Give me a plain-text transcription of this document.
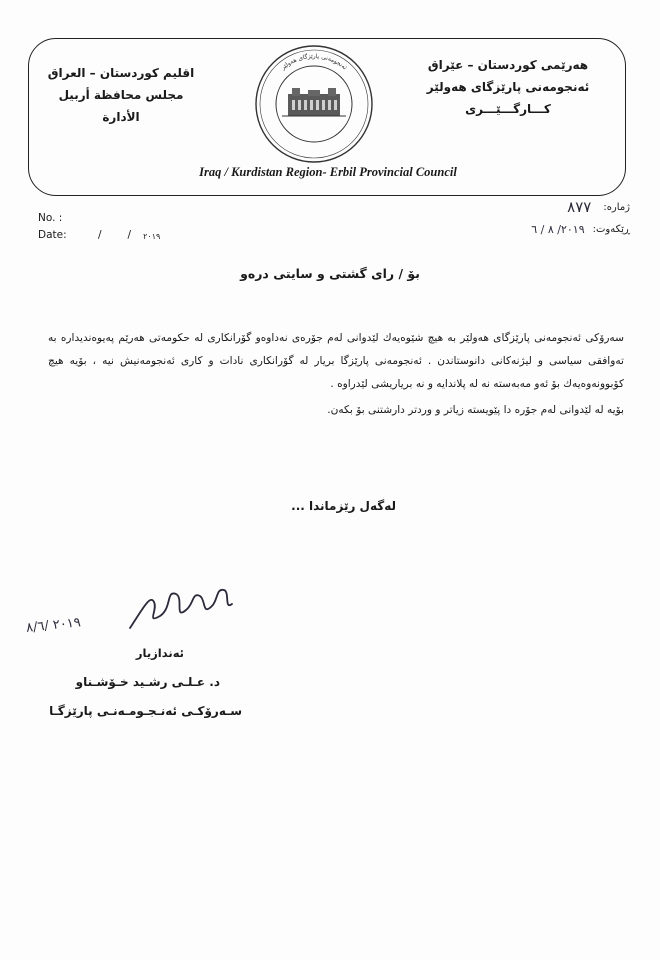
Iraq / Kurdistan Region- Erbil Provincial Council
هەرێمی کوردستان – عێراق
ئەنجومەنی پارێزگای هەولێر
کـــارگـــێـــری
اقليم كوردستان – العراق
مجلس محافظة أربيل
الأدارة
ئەنجومەنی پارێزگای هەولێر
No. :
Date:	/ / ۲۰۱۹
ژمارە:
٨٧٧
ڕێکەوت:
٢٠١٩/ ٨ / ٦
بۆ / رای گشتی و سایتی درەو

سەرۆکی ئەنجومەنی پارێزگای هەولێر بە هیچ شێوەیەك لێدوانی لەم جۆرەی نەداوەو گۆرانکاری لە حکومەتی هەرێم پەیوەندیدارە بە تەوافقی سیاسی و لیژنەکانی دانوستاندن . ئەنجومەنی پارێزگا بریار لە گۆرانکاری نادات و کاری ئەنجومەنیش نیە ، بۆیە هیچ کۆبوونەوەیەك بۆ ئەو مەبەستە نە لە پلاندایە و نە بریاریشی لێدراوە .

بۆیە لە لێدوانی لەم جۆرە دا پێویستە زیاتر و وردتر دارشتنی بۆ بکەن.

لەگەل رێزماندا ...
٢٠١٩ /٨/٦
ئەندازیار
د. عـلـی رشـید خـۆشـناو
سـەرۆکـی ئەنـجـومـەنـی پارێزگـا
